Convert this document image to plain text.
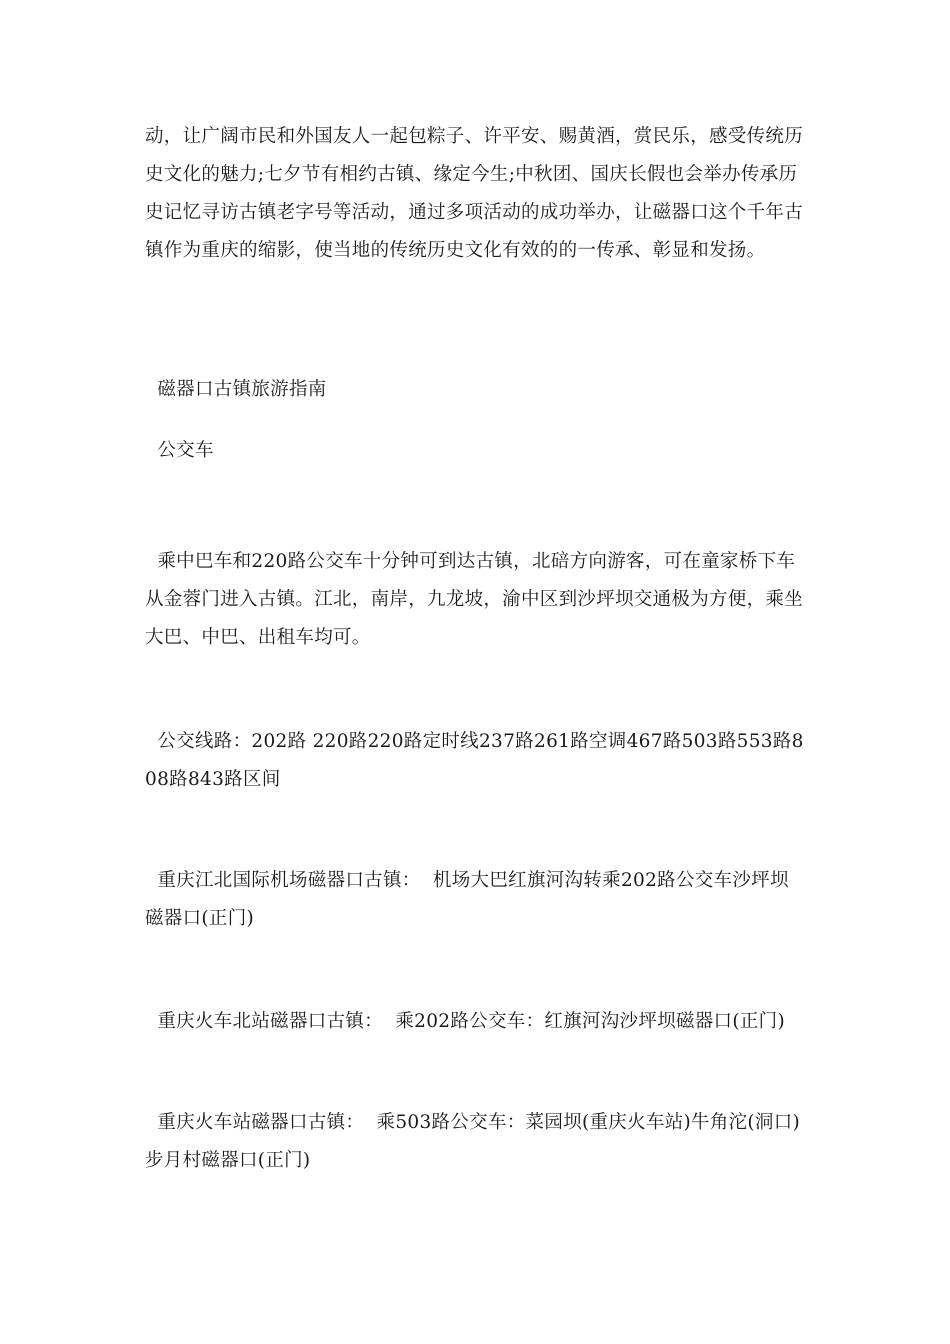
动，让广阔市民和外国友人一起包粽子、许平安、赐黄酒，赏民乐，感受传统历史文化的魅力;七夕节有相约古镇、缘定今生;中秋团、国庆长假也会举办传承历史记忆寻访古镇老字号等活动，通过多项活动的成功举办，让磁器口这个千年古镇作为重庆的缩影，使当地的传统历史文化有效的的一传承、彰显和发扬。

磁器口古镇旅游指南

公交车

乘中巴车和220路公交车十分钟可到达古镇，北碚方向游客，可在童家桥下车从金蓉门进入古镇。江北，南岸，九龙坡，渝中区到沙坪坝交通极为方便，乘坐大巴、中巴、出租车均可。

公交线路：202路 220路220路定时线237路261路空调467路503路553路808路843路区间

重庆江北国际机场磁器口古镇：  机场大巴红旗河沟转乘202路公交车沙坪坝磁器口(正门)

重庆火车北站磁器口古镇：  乘202路公交车：红旗河沟沙坪坝磁器口(正门)

重庆火车站磁器口古镇：  乘503路公交车：菜园坝(重庆火车站)牛角沱(洞口)步月村磁器口(正门)
